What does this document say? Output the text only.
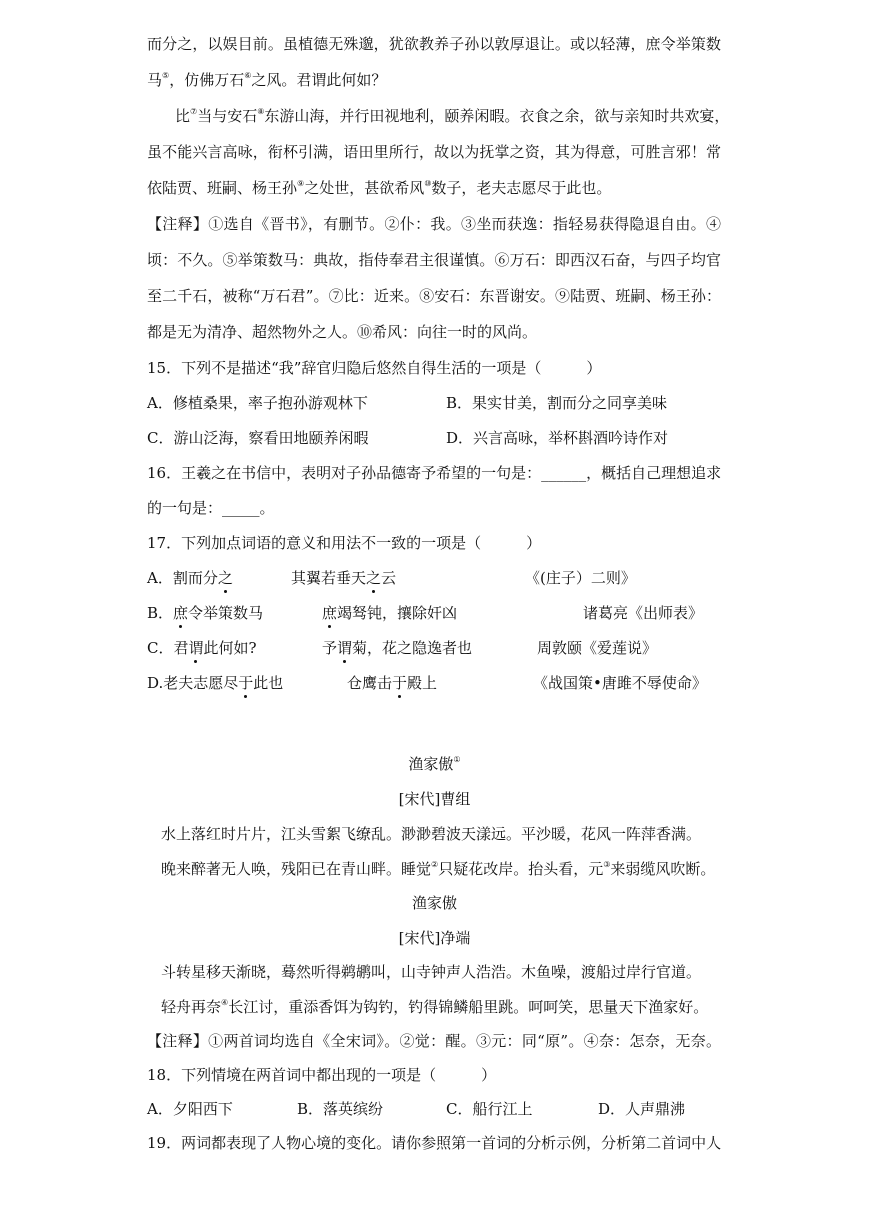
而分之，以娱目前。虽植德无殊邈，犹欲教养子孙以敦厚退让。或以轻薄，庶令举策数
马⑤，仿佛万石⑥之风。君谓此何如？
比⑦当与安石⑧东游山海，并行田视地利，颐养闲暇。衣食之余，欲与亲知时共欢宴，
虽不能兴言高咏，衔杯引满，语田里所行，故以为抚掌之资，其为得意，可胜言邪！常
依陆贾、班嗣、杨王孙⑨之处世，甚欲希风⑩数子，老夫志愿尽于此也。
【注释】①选自《晋书》，有删节。②仆：我。③坐而获逸：指轻易获得隐退自由。④
顷：不久。⑤举策数马：典故，指侍奉君主很谨慎。⑥万石：即西汉石奋，与四子均官
至二千石，被称“万石君”。⑦比：近来。⑧安石：东晋谢安。⑨陆贾、班嗣、杨王孙：
都是无为清净、超然物外之人。⑩希风：向往一时的风尚。
15．下列不是描述“我”辞官归隐后悠然自得生活的一项是（　　　）
A．修植桑果，率子抱孙游观林下	B．果实甘美，割而分之同享美味
C．游山泛海，察看田地颐养闲暇	D．兴言高咏，举杯斟酒吟诗作对
16．王羲之在书信中，表明对子孙品德寄予希望的一句是：______，概括自己理想追求
的一句是：_____。
17．下列加点词语的意义和用法不一致的一项是（　　　）
A．割而分之	其翼若垂天之云	《(庄子）二则》
B．庶令举策数马	庶竭驽钝，攘除奸凶	诸葛亮《出师表》
C．君谓此何如?	予谓菊，花之隐逸者也	周敦颐《爱莲说》
D.老夫志愿尽于此也	仓鹰击于殿上	《战国策•唐雎不辱使命》
渔家傲①
[宋代]曹组
水上落红时片片，江头雪絮飞缭乱。渺渺碧波天漾远。平沙暖，花风一阵萍香满。
晚来醉著无人唤，残阳已在青山畔。睡觉②只疑花改岸。抬头看，元③来弱缆风吹断。
渔家傲
[宋代]净端
斗转星移天渐晓，蓦然听得鹈鹕叫，山寺钟声人浩浩。木鱼噪，渡船过岸行官道。
轻舟再奈④长江讨，重添香饵为钩钓，钓得锦鳞船里跳。呵呵笑，思量天下渔家好。
【注释】①两首词均选自《全宋词》。②觉：醒。③元：同“原”。④奈：怎奈，无奈。
18．下列情境在两首词中都出现的一项是（　　　）
A．夕阳西下	B．落英缤纷	C．船行江上	D．人声鼎沸
19．两词都表现了人物心境的变化。请你参照第一首词的分析示例，分析第二首词中人
